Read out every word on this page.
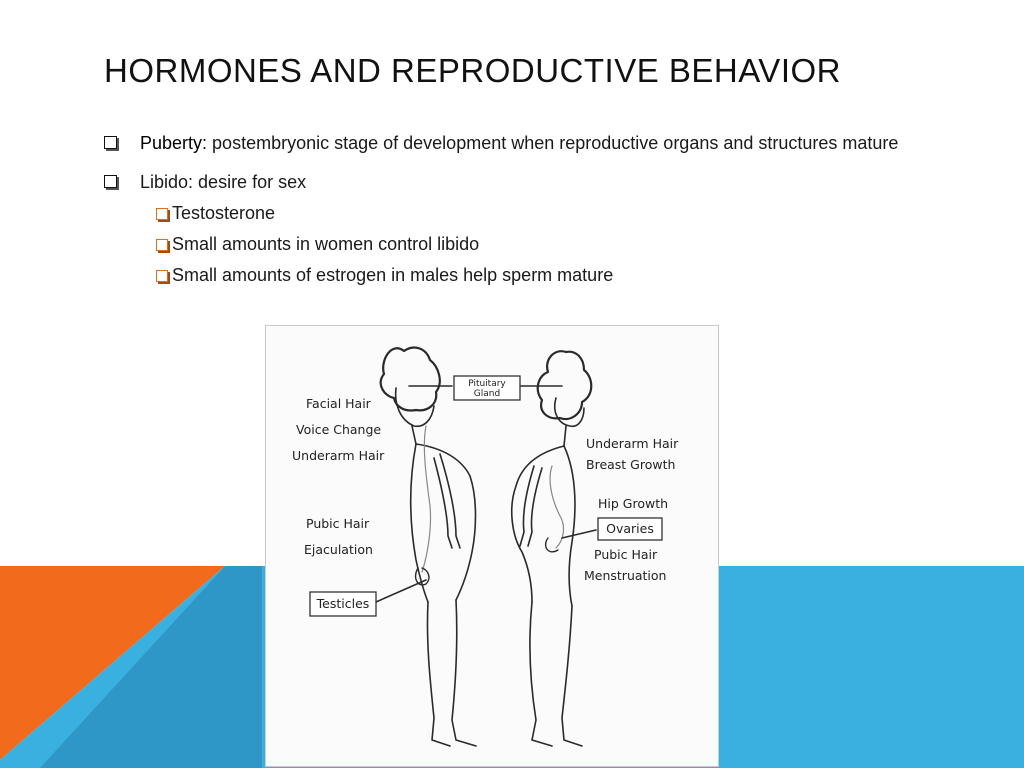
HORMONES AND REPRODUCTIVE BEHAVIOR
Puberty: postembryonic stage of development when reproductive organs and structures mature
Libido: desire for sex
Testosterone
Small amounts in women control libido
Small amounts of estrogen in males help sperm mature
Pituitary
Gland
Facial Hair
Voice Change
Underarm Hair
Pubic Hair
Ejaculation
Testicles
Underarm Hair
Breast Growth
Hip Growth
Ovaries
Pubic Hair
Menstruation
